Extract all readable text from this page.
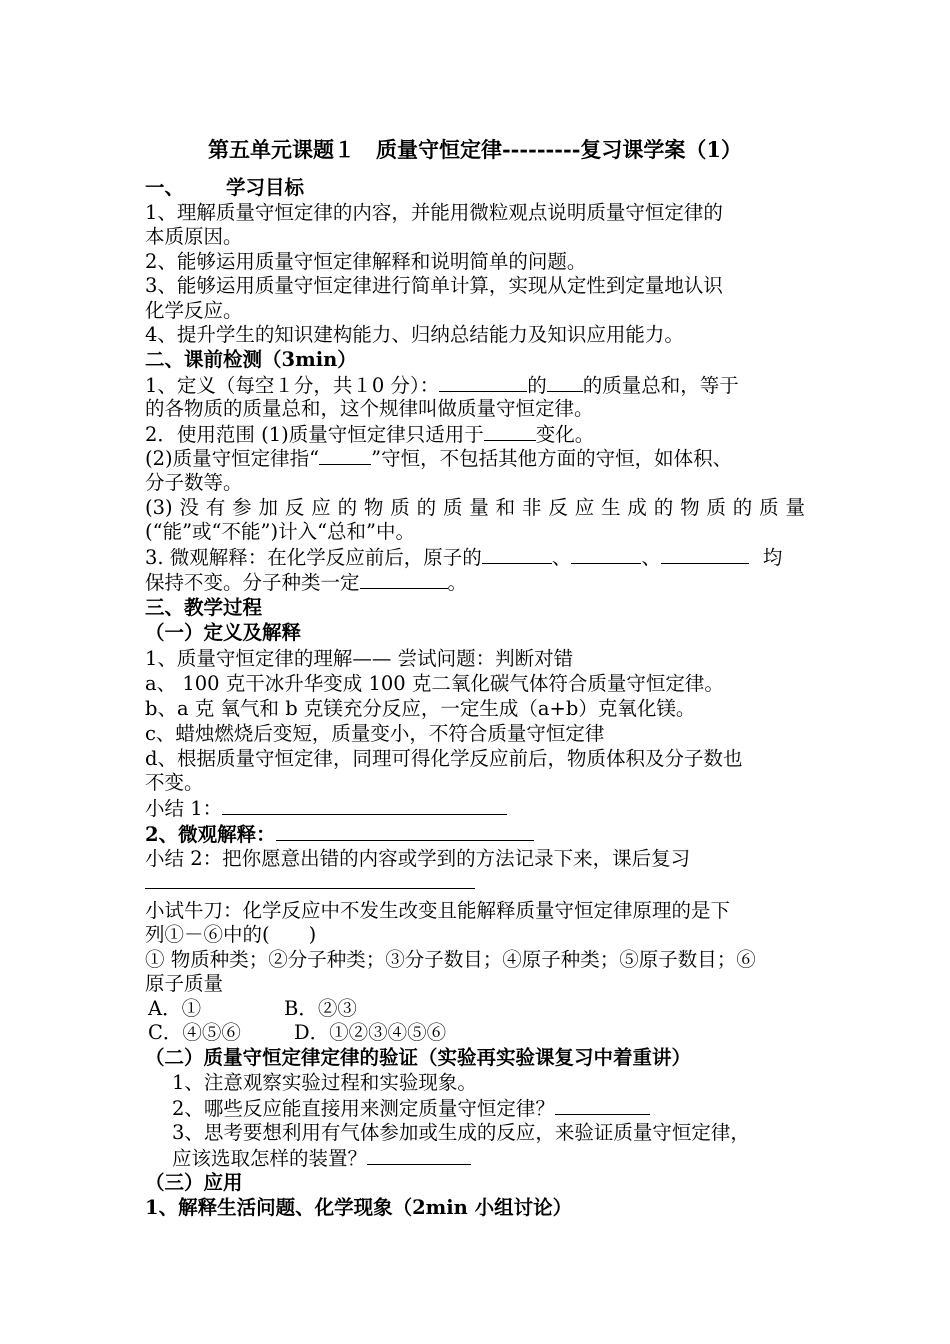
第五单元课题１　质量守恒定律---------复习课学案（1）
一、 学习目标
1、理解质量守恒定律的内容，并能用微粒观点说明质量守恒定律的
本质原因。
2、能够运用质量守恒定律解释和说明简单的问题。
3、能够运用质量守恒定律进行简单计算，实现从定性到定量地认识
化学反应。
4、提升学生的知识建构能力、归纳总结能力及知识应用能力。
二、课前检测（3min）
1、定义（每空１分，共１0 分）：	的 的质量总和，等于
的各物质的质量总和，这个规律叫做质量守恒定律。
2．使用范围 (1)质量守恒定律只适用于	变化。
(2)质量守恒定律指“	”守恒，不包括其他方面的守恒，如体积、
分子数等。
(3)没有参加反应的物质的质量和非反应生成的物质的质量
(“能”或“不能”)计入“总和”中。
3. 微观解释：在化学反应前后，原子的	、	、	均
保持不变。分子种类一定	。
三、教学过程
（一）定义及解释
1、质量守恒定律的理解—— 尝试问题：判断对错
a、 100 克干冰升华变成 100 克二氧化碳气体符合质量守恒定律。
b、a 克 氧气和 b 克镁充分反应，一定生成（a+b）克氧化镁。
c、蜡烛燃烧后变短，质量变小，不符合质量守恒定律
d、根据质量守恒定律，同理可得化学反应前后，物质体积及分子数也
不变。
小结 1：
2、微观解释：
小结 2：把你愿意出错的内容或学到的方法记录下来，课后复习
小试牛刀：化学反应中不发生改变且能解释质量守恒定律原理的是下
列①－⑥中的(　　)
① 物质种类；②分子种类；③分子数目；④原子种类；⑤原子数目；⑥
原子质量
A．①	B．②③
C．④⑤⑥	D．①②③④⑤⑥
（二）质量守恒定律定律的验证（实验再实验课复习中着重讲）
1、注意观察实验过程和实验现象。
2、哪些反应能直接用来测定质量守恒定律？
3、思考要想利用有气体参加或生成的反应，来验证质量守恒定律，
应该选取怎样的装置？
（三）应用
1、解释生活问题、化学现象（2min 小组讨论）
